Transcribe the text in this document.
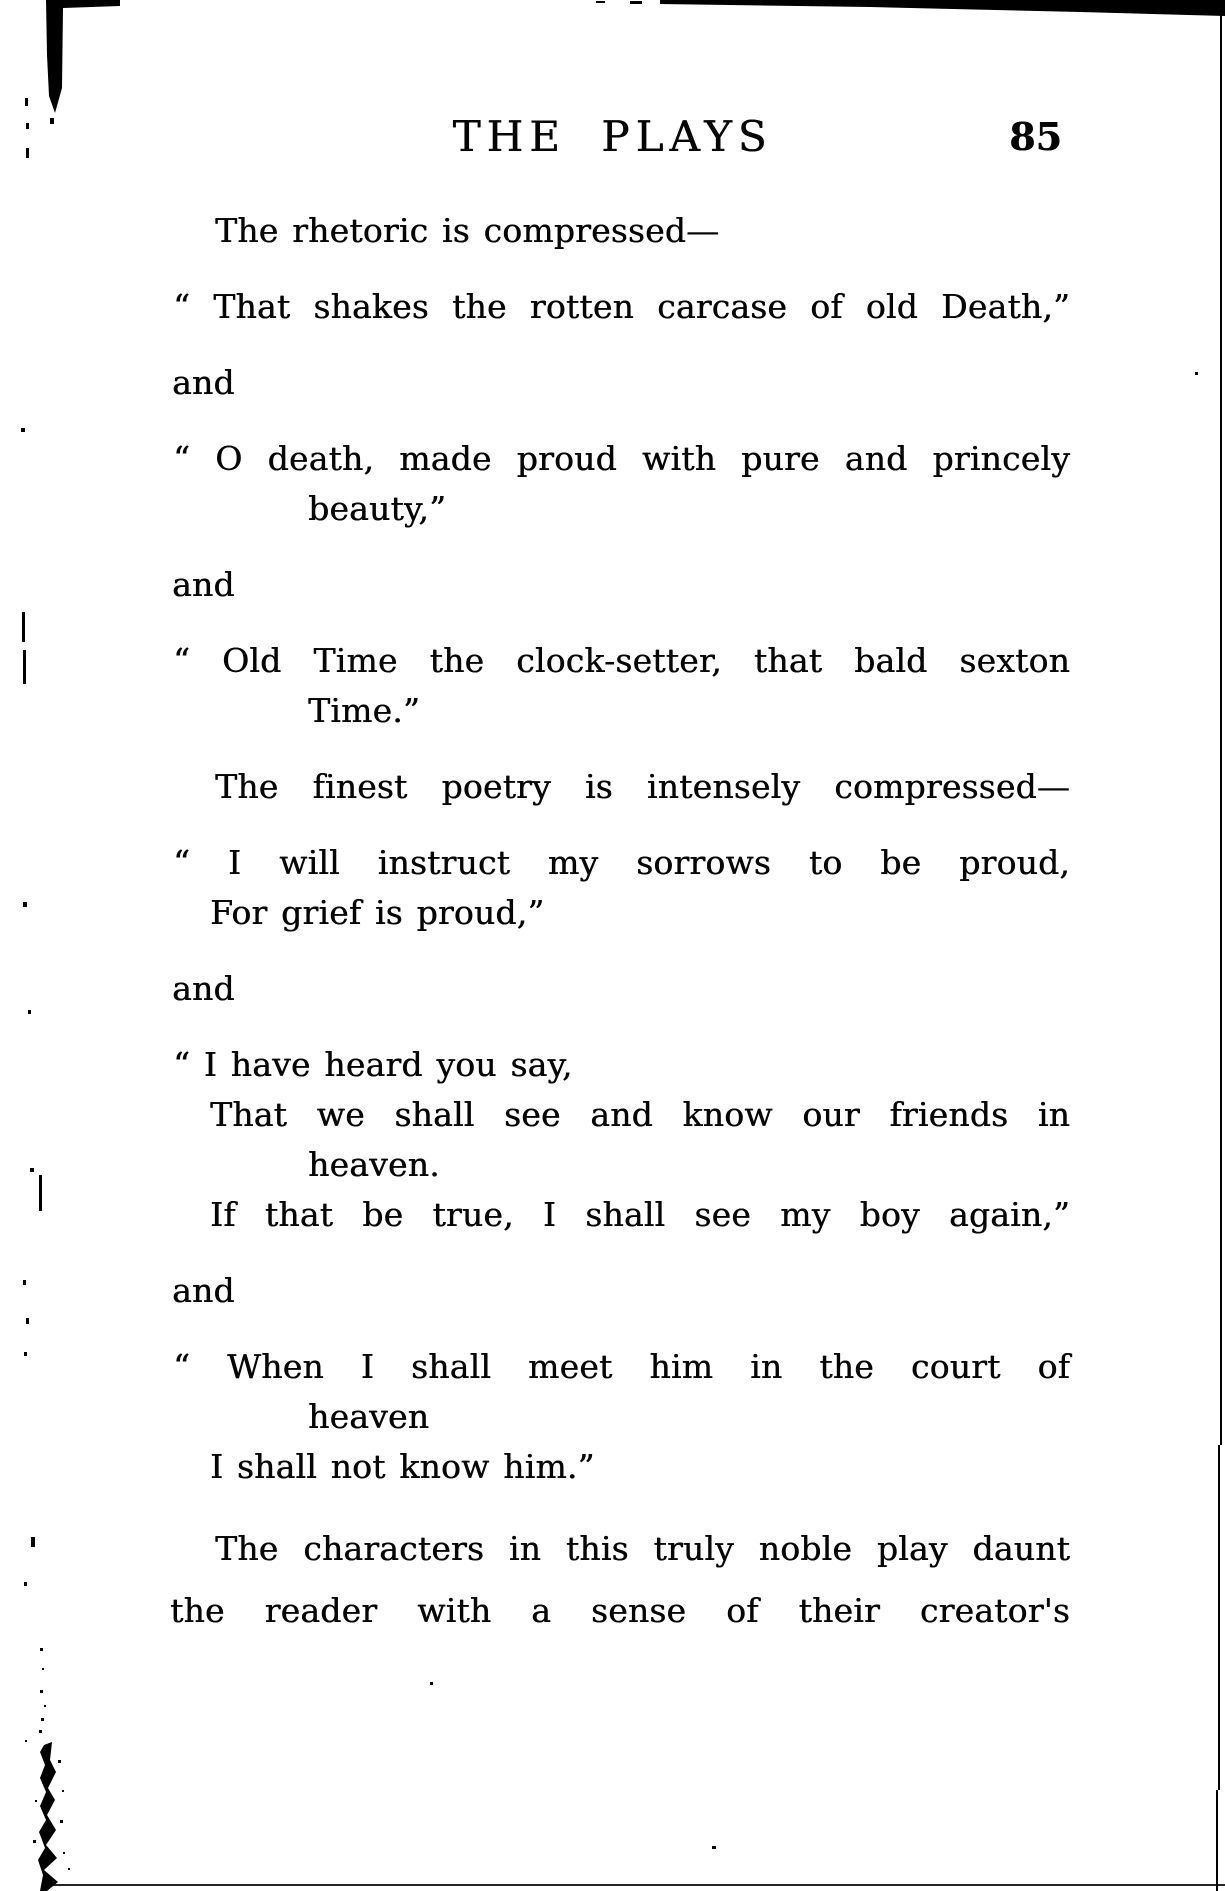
THE PLAYS	85
The rhetoric is compressed—
“ That shakes the rotten carcase of old Death,”
and
“ O death, made proud with pure and princely
beauty,”
and
“ Old Time the clock-setter, that bald sexton
Time.”
The finest poetry is intensely compressed—
“ I will instruct my sorrows to be proud,
For grief is proud,”
and
“ I have heard you say,
That we shall see and know our friends in
heaven.
If that be true, I shall see my boy again,”
and
“ When I shall meet him in the court of
heaven
I shall not know him.”
The characters in this truly noble play daunt
the reader with a sense of their creator's
